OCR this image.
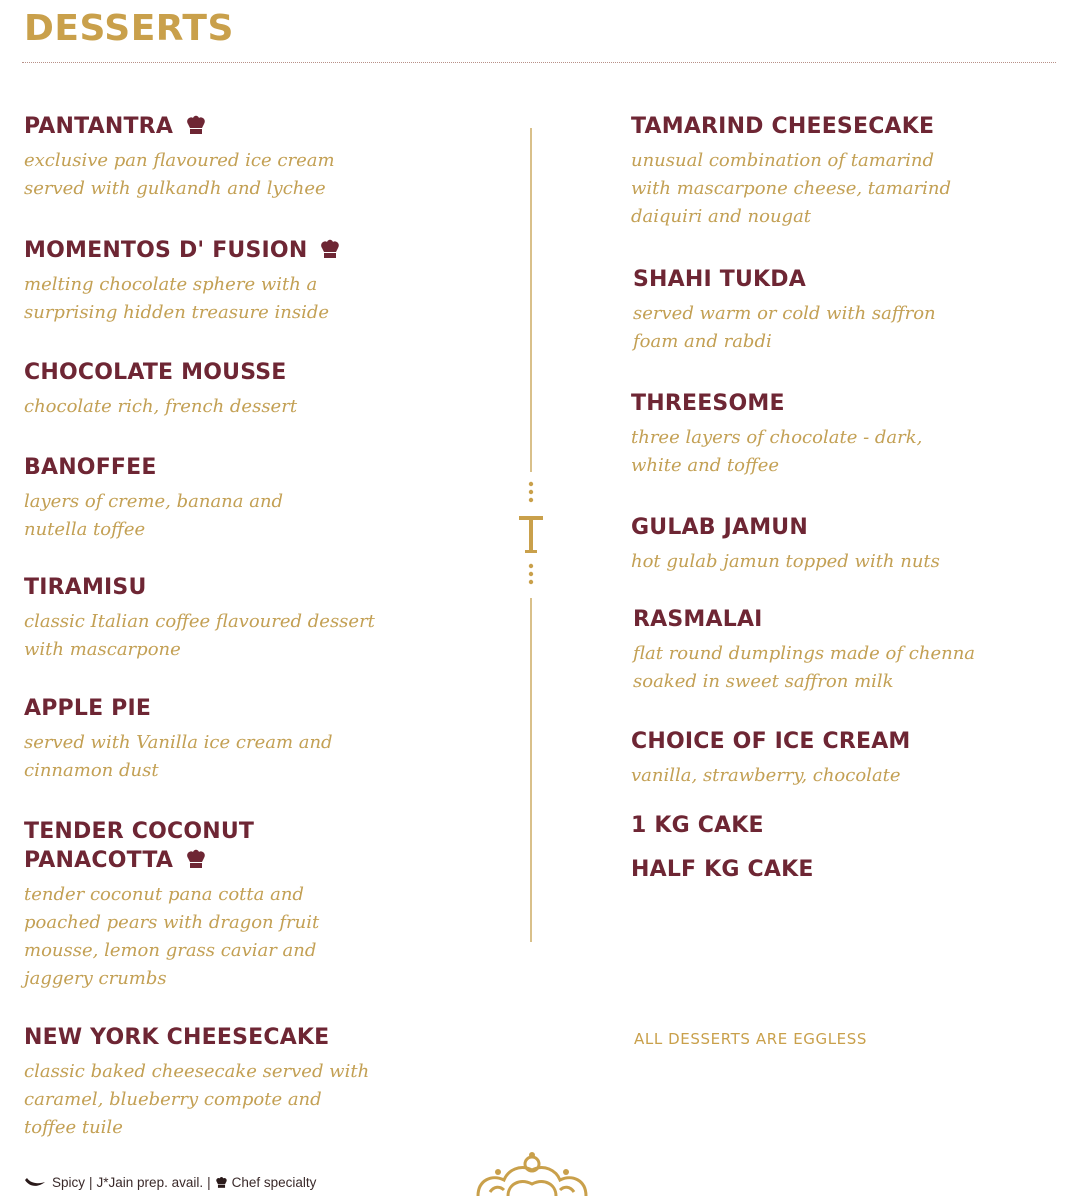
DESSERTS
PANTANTRA
exclusive pan flavoured ice cream
served with gulkandh and lychee
MOMENTOS D' FUSION
melting chocolate sphere with a
surprising hidden treasure inside
CHOCOLATE MOUSSE
chocolate rich, french dessert
BANOFFEE
layers of creme, banana and
nutella toffee
TIRAMISU
classic Italian coffee flavoured dessert
with mascarpone
APPLE PIE
served with Vanilla ice cream and
cinnamon dust
TENDER COCONUT
PANACOTTA
tender coconut pana cotta and
poached pears with dragon fruit
mousse, lemon grass caviar and
jaggery crumbs
NEW YORK CHEESECAKE
classic baked cheesecake served with
caramel, blueberry compote and
toffee tuile
TAMARIND CHEESECAKE
unusual combination of tamarind
with mascarpone cheese, tamarind
daiquiri and nougat
SHAHI TUKDA
served warm or cold with saffron
foam and rabdi
THREESOME
three layers of chocolate - dark,
white and toffee
GULAB JAMUN
hot gulab jamun topped with nuts
RASMALAI
flat round dumplings made of chenna
soaked in sweet saffron milk
CHOICE OF ICE CREAM
vanilla, strawberry, chocolate
1 KG CAKE
HALF KG CAKE
ALL DESSERTS ARE EGGLESS
Spicy | J*Jain prep. avail. | Chef specialty
